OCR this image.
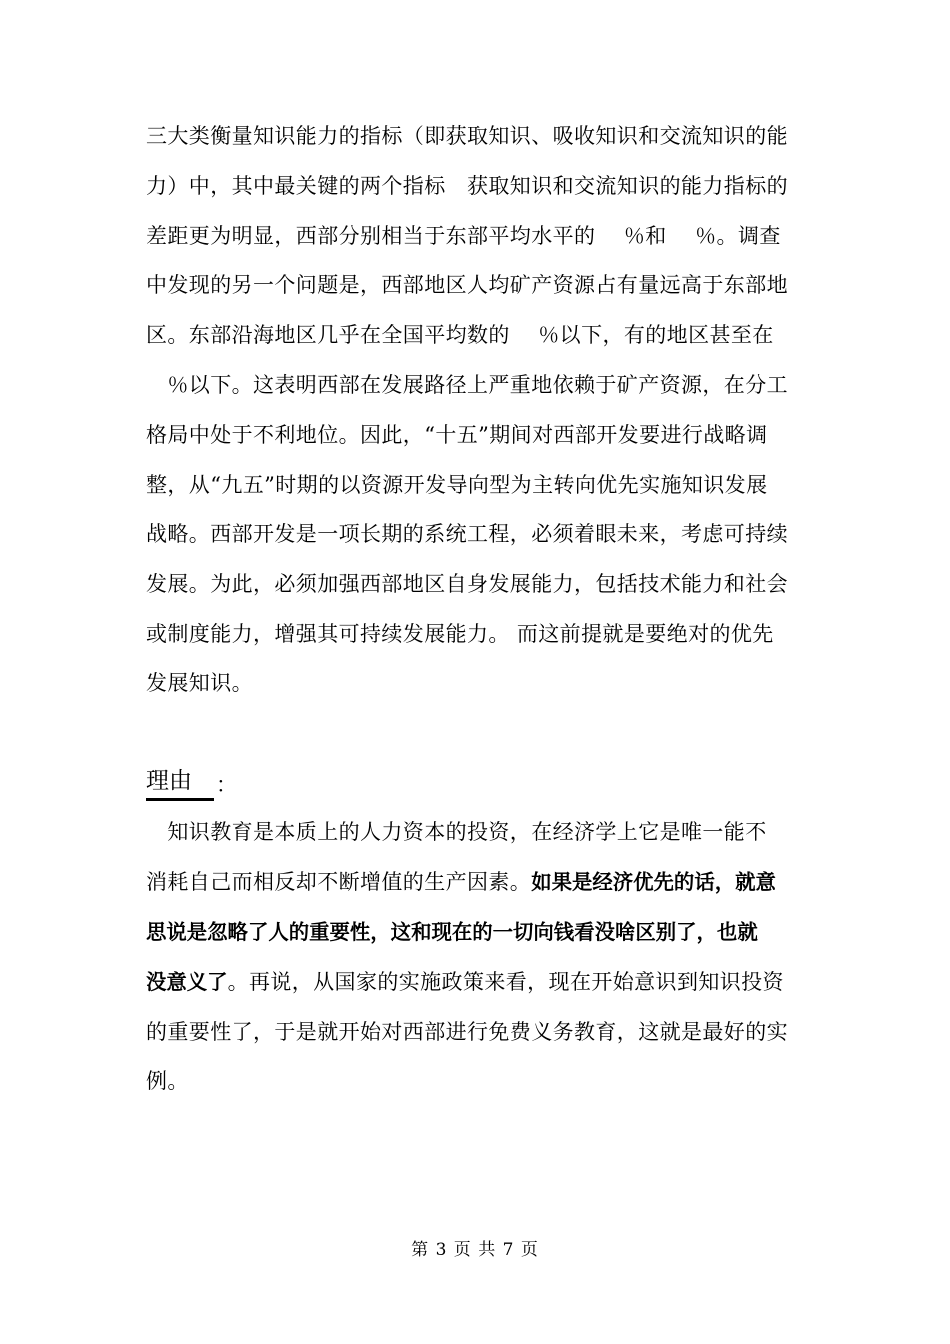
三大类衡量知识能力的指标（即获取知识、吸收知识和交流知识的能
力）中，其中最关键的两个指标　获取知识和交流知识的能力指标的
差距更为明显，西部分别相当于东部平均水平的　 ％和　 ％。调查
中发现的另一个问题是，西部地区人均矿产资源占有量远高于东部地
区。东部沿海地区几乎在全国平均数的　 ％以下，有的地区甚至在
　％以下。这表明西部在发展路径上严重地依赖于矿产资源，在分工
格局中处于不利地位。因此，“十五”期间对西部开发要进行战略调
整，从“九五”时期的以资源开发导向型为主转向优先实施知识发展
战略。西部开发是一项长期的系统工程，必须着眼未来，考虑可持续
发展。为此，必须加强西部地区自身发展能力，包括技术能力和社会
或制度能力，增强其可持续发展能力。 而这前提就是要绝对的优先
发展知识。
理由 ：
　知识教育是本质上的人力资本的投资，在经济学上它是唯一能不
消耗自己而相反却不断增值的生产因素。如果是经济优先的话，就意
思说是忽略了人的重要性，这和现在的一切向钱看没啥区别了，也就
没意义了。再说，从国家的实施政策来看，现在开始意识到知识投资
的重要性了，于是就开始对西部进行免费义务教育，这就是最好的实
例。
第 3 页 共 7 页
